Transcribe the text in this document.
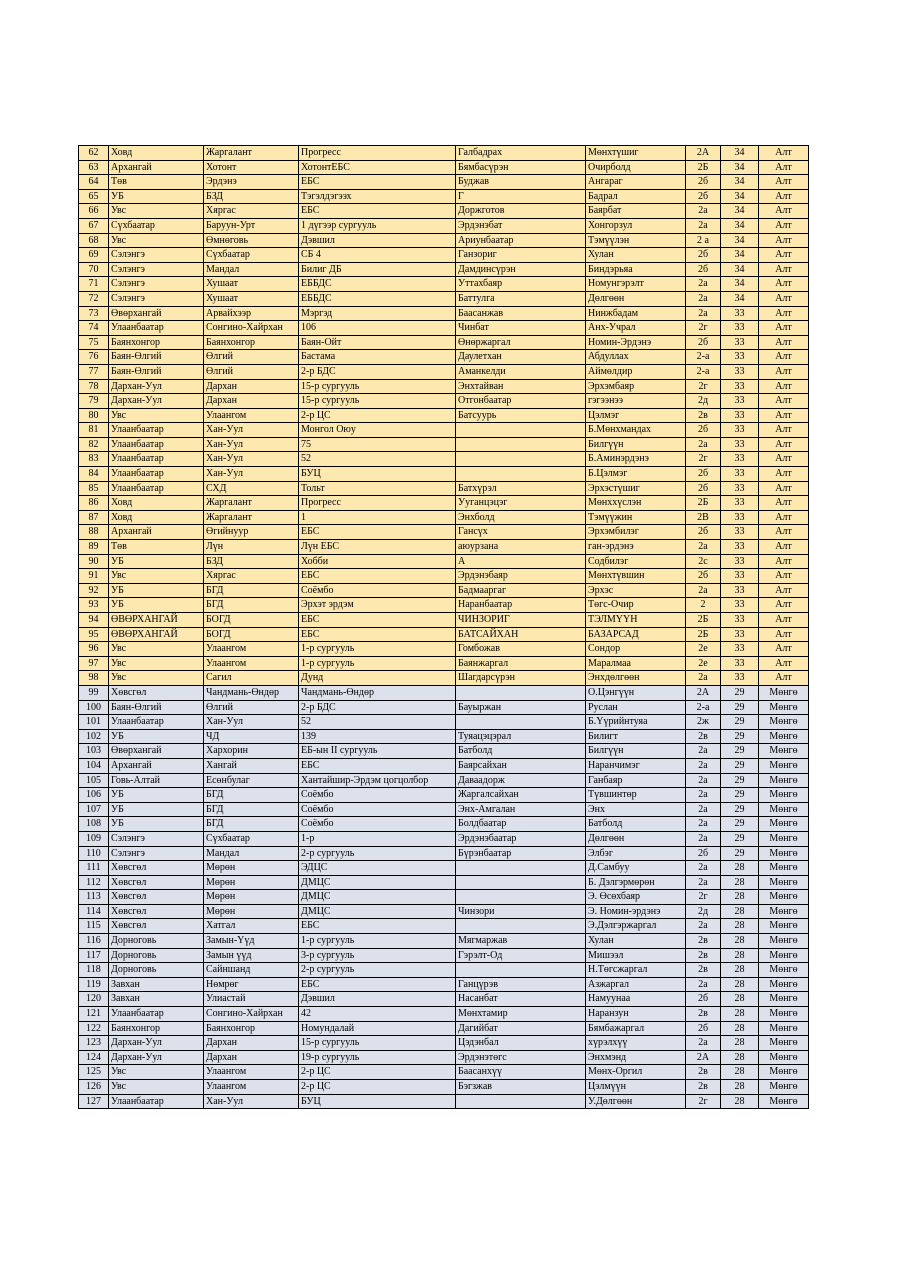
62	Ховд	Жаргалант	Прогресс	Галбадрах	Мөнхтүшиг	2А	34	Алт
63	Архангай	Хотонт	ХотонтЕБС	Бямбасүрэн	Очирболд	2Б	34	Алт
64	Төв	Эрдэнэ	ЕБС	Буджав	Ангараг	2б	34	Алт
65	УБ	БЗД	Тэгэлдэгээх	Г	Бадрал	2б	34	Алт
66	Увс	Хяргас	ЕБС	Доржготов	Баярбат	2а	34	Алт
67	Сүхбаатар	Баруун-Урт	1 дүгээр сургууль	Эрдэнэбат	Хонгорзул	2а	34	Алт
68	Увс	Өмнөговь	Дэвшил	Ариунбаатар	Тэмүүлэн	2 а	34	Алт
69	Сэлэнгэ	Сүхбаатар	СБ 4	Ганзориг	Хулан	2б	34	Алт
70	Сэлэнгэ	Мандал	Билиг ДБ	Дамдинсүрэн	Биндэрьяа	2б	34	Алт
71	Сэлэнгэ	Хушаат	ЕББДС	Уттахбаяр	Номунгэрэлт	2а	34	Алт
72	Сэлэнгэ	Хушаат	ЕББДС	Баттулга	Дөлгөөн	2а	34	Алт
73	Өвөрхангай	Арвайхээр	Мэргэд	Баасанжав	Нинжбадам	2а	33	Алт
74	Улаанбаатар	Сонгино-Хайрхан	106	Чинбат	Анх-Учрал	2г	33	Алт
75	Баянхонгор	Баянхонгор	Баян-Ойт	Өнөржаргал	Номин-Эрдэнэ	2б	33	Алт
76	Баян-Өлгий	Өлгий	Бастама	Даулетхан	Абдуллах	2-а	33	Алт
77	Баян-Өлгий	Өлгий	2-р БДС	Аманкелди	Аймөлдир	2-а	33	Алт
78	Дархан-Уул	Дархан	15-р сургууль	Энхтайван	Эрхэмбаяр	2г	33	Алт
79	Дархан-Уул	Дархан	15-р сургууль	Отгонбаатар	гэгээнээ	2д	33	Алт
80	Увс	Улаангом	2-р ЦС	Батсуурь	Цэлмэг	2в	33	Алт
81	Улаанбаатар	Хан-Уул	Монгол Оюу		Б.Мөнхмандах	2б	33	Алт
82	Улаанбаатар	Хан-Уул	75		Билгүүн	2а	33	Алт
83	Улаанбаатар	Хан-Уул	52		Б.Аминэрдэнэ	2г	33	Алт
84	Улаанбаатар	Хан-Уул	БУЦ		Б.Цэлмэг	2б	33	Алт
85	Улаанбаатар	СХД	Тольт	Батхүрэл	Эрхэстүшиг	2б	33	Алт
86	Ховд	Жаргалант	Прогресс	Ууганцэцэг	Мөнххүслэн	2Б	33	Алт
87	Ховд	Жаргалант	1	Энхболд	Тэмүүжин	2В	33	Алт
88	Архангай	Өгийнуур	ЕБС	Гансүх	Эрхэмбилэг	2б	33	Алт
89	Төв	Лүн	Лүн ЕБС	аюурзана	ган-эрдэнэ	2а	33	Алт
90	УБ	БЗД	Хобби	А	Содбилэг	2с	33	Алт
91	Увс	Хяргас	ЕБС	Эрдэнэбаяр	Мөнхтүвшин	2б	33	Алт
92	УБ	БГД	Соёмбо	Бадмааргаг	Эрхэс	2а	33	Алт
93	УБ	БГД	Эрхэт эрдэм	Наранбаатар	Төгс-Очир	2	33	Алт
94	ӨВӨРХАНГАЙ	БОГД	ЕБС	ЧИНЗОРИГ	ТЭЛМҮҮН	2Б	33	Алт
95	ӨВӨРХАНГАЙ	БОГД	ЕБС	БАТСАЙХАН	БАЗАРСАД	2Б	33	Алт
96	Увс	Улаангом	1-р сургууль	Гомбожав	Сондор	2е	33	Алт
97	Увс	Улаангом	1-р сургууль	Баянжаргал	Маралмаа	2е	33	Алт
98	Увс	Сагил	Дунд	Шагдарсүрэн	Энхдөлгөөн	2а	33	Алт
99	Хөвсгөл	Чандмань-Өндөр	Чандмань-Өндөр		О.Цэнгүүн	2А	29	Мөнгө
100	Баян-Өлгий	Өлгий	2-р БДС	Бауыржан	Руслан	2-а	29	Мөнгө
101	Улаанбаатар	Хан-Уул	52		Б.Үүрийнтуяа	2ж	29	Мөнгө
102	УБ	ЧД	139	Туяацэцэрал	Билигт	2в	29	Мөнгө
103	Өвөрхангай	Хархорин	ЕБ-ын II сургууль	Батболд	Билгүүн	2а	29	Мөнгө
104	Архангай	Хангай	ЕБС	Баярсайхан	Наранчимэг	2а	29	Мөнгө
105	Говь-Алтай	Есөнбулаг	Хантайшир-Эрдэм цогцолбор	Даваадорж	Ганбаяр	2а	29	Мөнгө
106	УБ	БГД	Соёмбо	Жаргалсайхан	Түвшинтөр	2а	29	Мөнгө
107	УБ	БГД	Соёмбо	Энх-Амгалан	Энх	2а	29	Мөнгө
108	УБ	БГД	Соёмбо	Болдбаатар	Батболд	2а	29	Мөнгө
109	Сэлэнгэ	Сүхбаатар	1-р	Эрдэнэбаатар	Дөлгөөн	2а	29	Мөнгө
110	Сэлэнгэ	Мандал	2-р сургууль	Бүрэнбаатар	Элбэг	2б	29	Мөнгө
111	Хөвсгөл	Мөрөн	ЭДЦС		Д.Самбуу	2а	28	Мөнгө
112	Хөвсгөл	Мөрөн	ДМЦС		Б. Дэлгэрмөрөн	2а	28	Мөнгө
113	Хөвсгөл	Мөрөн	ДМЦС		Э. Өсөхбаяр	2г	28	Мөнгө
114	Хөвсгөл	Мөрөн	ДМЦС	Чинзори	Э. Номин-эрдэнэ	2д	28	Мөнгө
115	Хөвсгөл	Хатгал	ЕБС		Э.Дэлгэржаргал	2а	28	Мөнгө
116	Дорноговь	Замын-Үүд	1-р сургууль	Мягмаржав	Хулан	2в	28	Мөнгө
117	Дорноговь	Замын үүд	3-р сургууль	Гэрэлт-Од	Мишээл	2в	28	Мөнгө
118	Дорноговь	Сайншанд	2-р сургууль		Н.Төгсжаргал	2в	28	Мөнгө
119	Завхан	Нөмрөг	ЕБС	Ганцүрэв	Азжаргал	2а	28	Мөнгө
120	Завхан	Улиастай	Дэвшил	Насанбат	Намуунаа	2б	28	Мөнгө
121	Улаанбаатар	Сонгино-Хайрхан	42	Мөнхтамир	Наранзун	2в	28	Мөнгө
122	Баянхонгор	Баянхонгор	Номундалай	Дагийбат	Бямбажаргал	2б	28	Мөнгө
123	Дархан-Уул	Дархан	15-р сургууль	Цэдэнбал	хүрэлхүү	2а	28	Мөнгө
124	Дархан-Уул	Дархан	19-р сургууль	Эрдэнэтөгс	Энхмэнд	2А	28	Мөнгө
125	Увс	Улаангом	2-р ЦС	Баасанхүү	Мөнх-Оргил	2в	28	Мөнгө
126	Увс	Улаангом	2-р ЦС	Бэгзжав	Цэлмүүн	2в	28	Мөнгө
127	Улаанбаатар	Хан-Уул	БУЦ		У.Дөлгөөн	2г	28	Мөнгө
